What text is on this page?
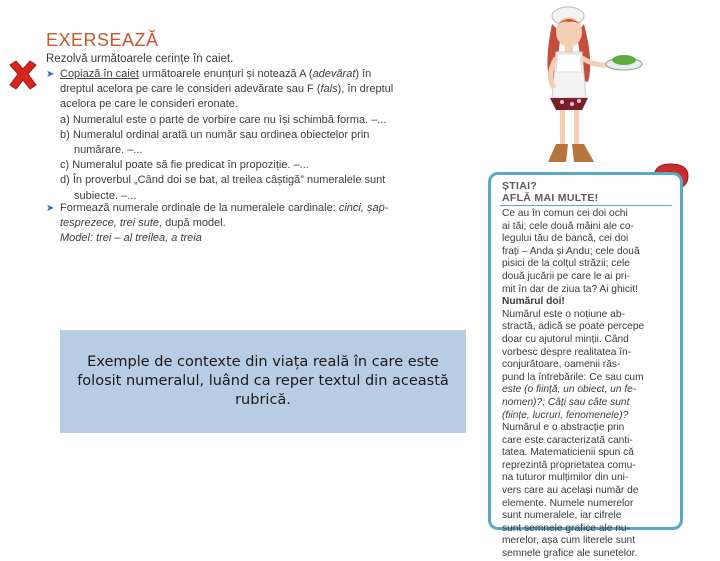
EXERSEAZĂ
Rezolvă următoarele cerințe în caiet.
➤ Copiază în caiet următoarele enunțuri și notează A (adevărat) în
dreptul acelora pe care le consideri adevărate sau F (fals), în dreptul
acelora pe care le consideri eronate.
a) Numeralul este o parte de vorbire care nu își schimbă forma. –...
b) Numeralul ordinal arată un număr sau ordinea obiectelor prin
numărare. –...
c) Numeralul poate să fie predicat în propoziție. –...
d) În proverbul „Când doi se bat, al treilea câștigă” numeralele sunt
subiecte. –...
➤ Formează numerale ordinale de la numeralele cardinale: cinci, șap-
tesprezece, trei sute, după model.
Model: trei – al treilea, a treia
ȘTIAI?
AFLĂ MAI MULTE!
Ce au în comun cei doi ochi
ai tăi; cele două mâini ale co-
legului tău de bancă, cei doi
frați – Anda și Andu; cele două
pisici de la colțul străzii; cele
două jucării pe care le ai pri-
mit în dar de ziua ta? Ai ghicit!
Numărul doi!
Numărul este o noțiune ab-
stractă, adică se poate percepe
doar cu ajutorul minții. Când
vorbesc despre realitatea în-
conjurătoare, oamenii răs-
pund la întrebările: Ce sau cum
este (o ființă, un obiect, un fe-
nomen)?; Câți sau câte sunt
(ființe, lucruri, fenomenele)?
Numărul e o abstracție prin
care este caracterizată canti-
tatea. Matematicienii spun că
reprezintă proprietatea comu-
na tuturor mulțimilor din uni-
vers care au același număr de
elemente. Numele numerelor
sunt numeralele, iar cifrele
sunt semnele grafice ale nu-
merelor, așa cum literele sunt
semnele grafice ale sunetelor.
Exemple de contexte din viața reală în care este folosit numeralul, luând ca reper textul din această rubrică.
